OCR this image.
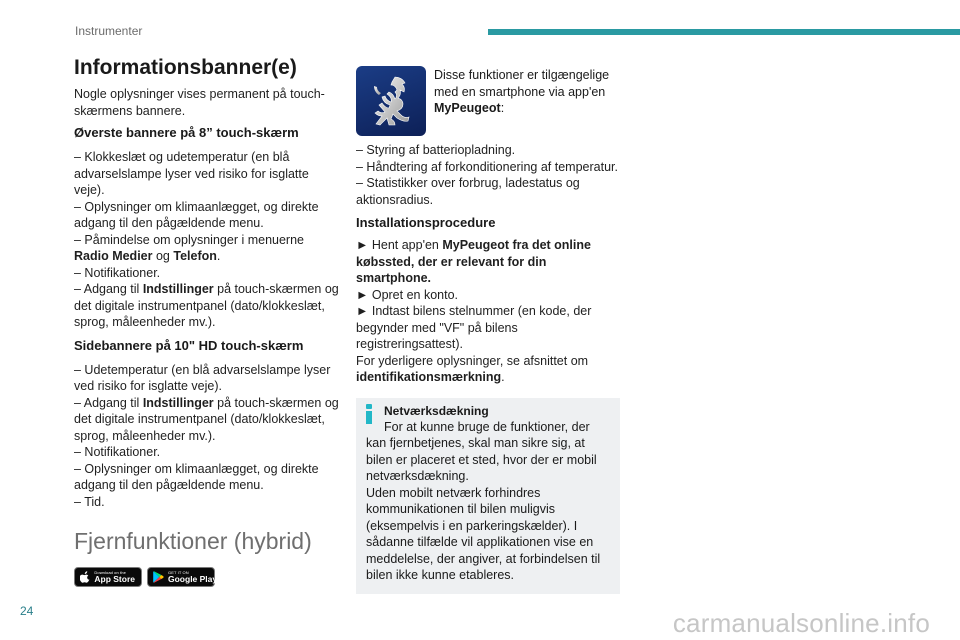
Instrumenter
Informationsbanner(e)

Nogle oplysninger vises permanent på touch-skærmens bannere.

Øverste bannere på 8” touch-skærm

– Klokkeslæt og udetemperatur (en blå advarselslampe lyser ved risiko for isglatte veje).

– Oplysninger om klimaanlægget, og direkte adgang til den pågældende menu.

– Påmindelse om oplysninger i menuerne Radio Medier og Telefon.

– Notifikationer.

– Adgang til Indstillinger på touch-skærmen og det digitale instrumentpanel (dato/klokkeslæt, sprog, måleenheder mv.).

Sidebannere på 10" HD touch-skærm

– Udetemperatur (en blå advarselslampe lyser ved risiko for isglatte veje).

– Adgang til Indstillinger på touch-skærmen og det digitale instrumentpanel (dato/klokkeslæt, sprog, måleenheder mv.).

– Notifikationer.

– Oplysninger om klimaanlægget, og direkte adgang til den pågældende menu.

– Tid.

Fjernfunktioner (hybrid)
Download on the
App Store
GET IT ON
Google Play

Disse funktioner er tilgængelige med en smartphone via app'en MyPeugeot:

– Styring af batteriopladning.

– Håndtering af forkonditionering af temperatur.

– Statistikker over forbrug, ladestatus og aktionsradius.

Installationsprocedure

► Hent app'en MyPeugeot fra det online købssted, der er relevant for din smartphone.

► Opret en konto.

► Indtast bilens stelnummer (en kode, der begynder med "VF" på bilens registreringsattest).

For yderligere oplysninger, se afsnittet om identifikationsmærkning.

Netværksdækning

For at kunne bruge de funktioner, der kan fjernbetjenes, skal man sikre sig, at bilen er placeret et sted, hvor der er mobil netværksdækning.

Uden mobilt netværk forhindres kommunikationen til bilen muligvis (eksempelvis i en parkeringskælder). I sådanne tilfælde vil applikationen vise en meddelelse, der angiver, at forbindelsen til bilen ikke kunne etableres.

24	carmanualsonline.info
